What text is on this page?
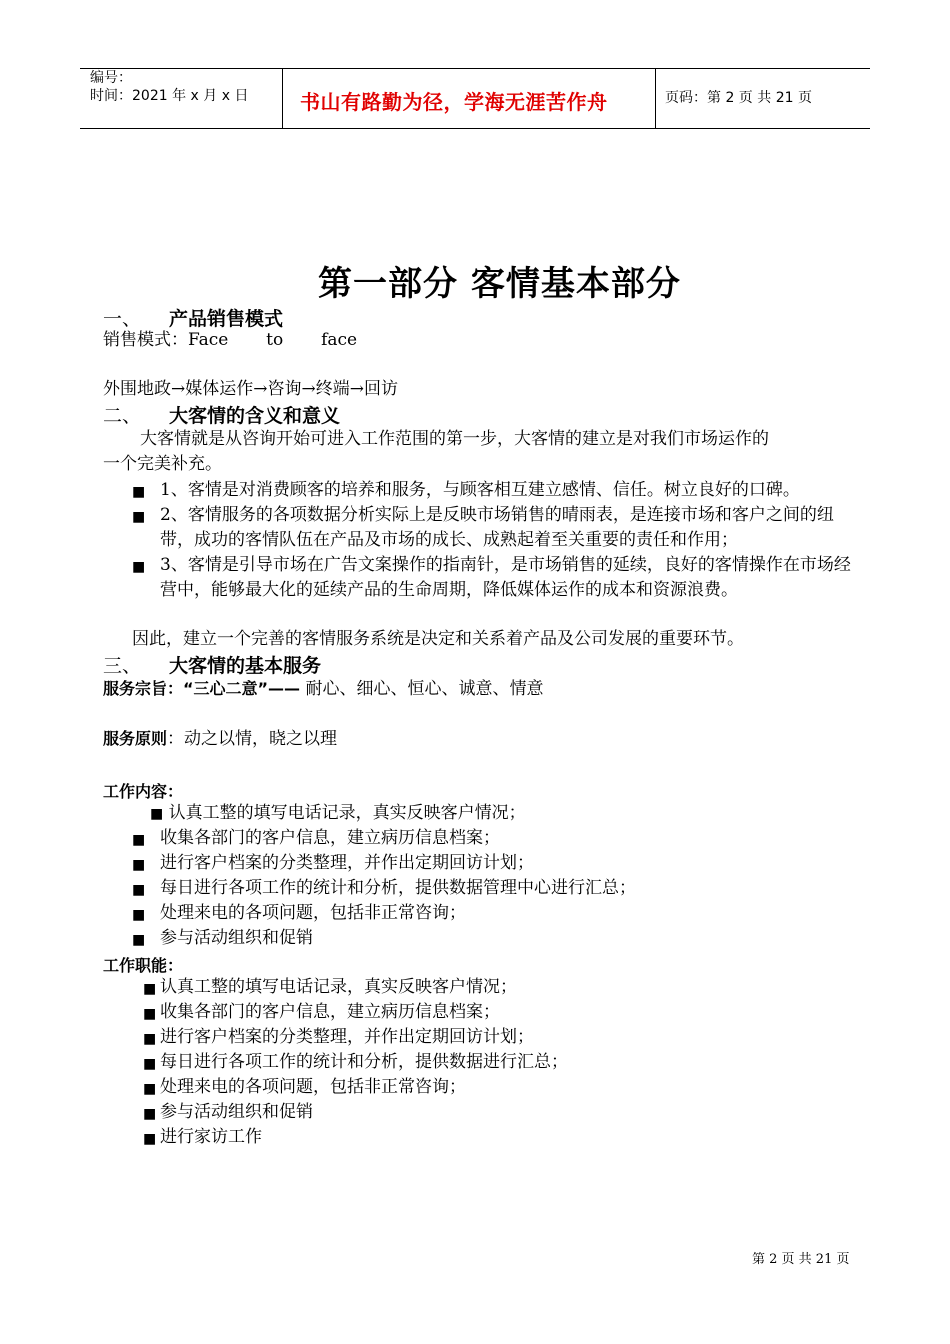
编号：
时间：2021 年 x 月 x 日	书山有路勤为径，学海无涯苦作舟	页码：第 2 页 共 21 页
第一部分 客情基本部分
一、 产品销售模式
销售模式：Face       to       face
外围地政→媒体运作→咨询→终端→回访
二、 大客情的含义和意义
大客情就是从咨询开始可进入工作范围的第一步，大客情的建立是对我们市场运作的
一个完美补充。
■ 1、客情是对消费顾客的培养和服务，与顾客相互建立感情、信任。树立良好的口碑。
■ 2、客情服务的各项数据分析实际上是反映市场销售的晴雨表，是连接市场和客户之间的纽带，成功的客情队伍在产品及市场的成长、成熟起着至关重要的责任和作用；
■ 3、客情是引导市场在广告文案操作的指南针，是市场销售的延续，良好的客情操作在市场经营中，能够最大化的延续产品的生命周期，降低媒体运作的成本和资源浪费。
因此，建立一个完善的客情服务系统是决定和关系着产品及公司发展的重要环节。
三、 大客情的基本服务
服务宗旨：“三心二意”—— 耐心、细心、恒心、诚意、情意
服务原则：动之以情，晓之以理
工作内容：
■ 认真工整的填写电话记录，真实反映客户情况；
■ 收集各部门的客户信息，建立病历信息档案；
■ 进行客户档案的分类整理，并作出定期回访计划；
■ 每日进行各项工作的统计和分析，提供数据管理中心进行汇总；
■ 处理来电的各项问题，包括非正常咨询；
■ 参与活动组织和促销
工作职能：
■ 认真工整的填写电话记录，真实反映客户情况；
■ 收集各部门的客户信息，建立病历信息档案；
■ 进行客户档案的分类整理，并作出定期回访计划；
■ 每日进行各项工作的统计和分析，提供数据进行汇总；
■ 处理来电的各项问题，包括非正常咨询；
■ 参与活动组织和促销
■ 进行家访工作
第 2 页 共 21 页
